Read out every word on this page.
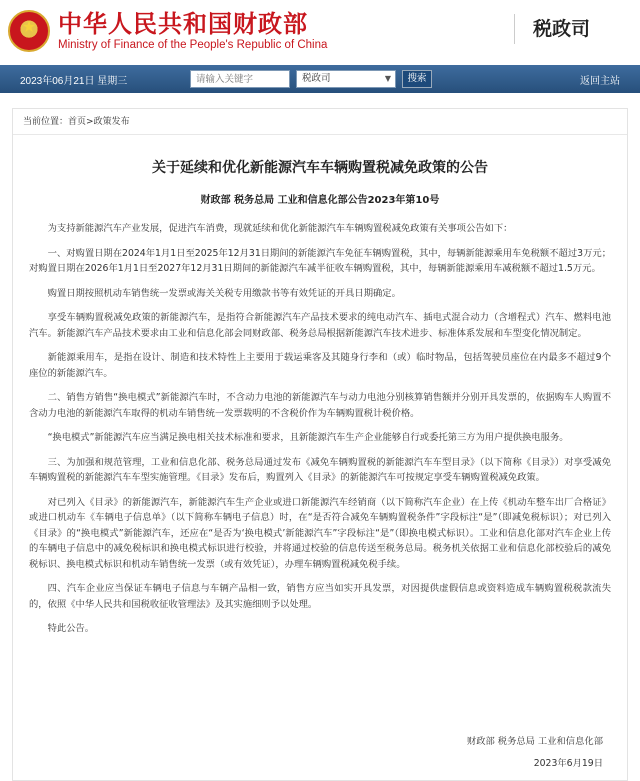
★
中华人民共和国财政部
Ministry of Finance of the People's Republic of China
税政司
2023年06月21日 星期三
请输入关键字	税政司	▼	搜索	返回主站
当前位置：首页>政策发布
关于延续和优化新能源汽车车辆购置税减免政策的公告
财政部 税务总局 工业和信息化部公告2023年第10号

为支持新能源汽车产业发展，促进汽车消费，现就延续和优化新能源汽车车辆购置税减免政策有关事项公告如下：

一、对购置日期在2024年1月1日至2025年12月31日期间的新能源汽车免征车辆购置税，其中，每辆新能源乘用车免税额不超过3万元；对购置日期在2026年1月1日至2027年12月31日期间的新能源汽车减半征收车辆购置税，其中，每辆新能源乘用车减税额不超过1.5万元。

购置日期按照机动车销售统一发票或海关关税专用缴款书等有效凭证的开具日期确定。

享受车辆购置税减免政策的新能源汽车，是指符合新能源汽车产品技术要求的纯电动汽车、插电式混合动力（含增程式）汽车、燃料电池汽车。新能源汽车产品技术要求由工业和信息化部会同财政部、税务总局根据新能源汽车技术进步、标准体系发展和车型变化情况制定。

新能源乘用车，是指在设计、制造和技术特性上主要用于载运乘客及其随身行李和（或）临时物品，包括驾驶员座位在内最多不超过9个座位的新能源汽车。

二、销售方销售“换电模式”新能源汽车时，不含动力电池的新能源汽车与动力电池分别核算销售额并分别开具发票的，依据购车人购置不含动力电池的新能源汽车取得的机动车销售统一发票载明的不含税价作为车辆购置税计税价格。

“换电模式”新能源汽车应当满足换电相关技术标准和要求，且新能源汽车生产企业能够自行或委托第三方为用户提供换电服务。

三、为加强和规范管理，工业和信息化部、税务总局通过发布《减免车辆购置税的新能源汽车车型目录》（以下简称《目录》）对享受减免车辆购置税的新能源汽车车型实施管理。《目录》发布后，购置列入《目录》的新能源汽车可按规定享受车辆购置税减免政策。

对已列入《目录》的新能源汽车，新能源汽车生产企业或进口新能源汽车经销商（以下简称汽车企业）在上传《机动车整车出厂合格证》或进口机动车《车辆电子信息单》（以下简称车辆电子信息）时，在“是否符合减免车辆购置税条件”字段标注“是”（即减免税标识）；对已列入《目录》的“换电模式”新能源汽车，还应在“是否为‘换电模式’新能源汽车”字段标注“是”（即换电模式标识）。工业和信息化部对汽车企业上传的车辆电子信息中的减免税标识和换电模式标识进行校验，并将通过校验的信息传送至税务总局。税务机关依据工业和信息化部校验后的减免税标识、换电模式标识和机动车销售统一发票（或有效凭证），办理车辆购置税减免税手续。

四、汽车企业应当保证车辆电子信息与车辆产品相一致，销售方应当如实开具发票，对因提供虚假信息或资料造成车辆购置税税款流失的，依照《中华人民共和国税收征收管理法》及其实施细则予以处理。

特此公告。

财政部 税务总局 工业和信息化部
2023年6月19日
